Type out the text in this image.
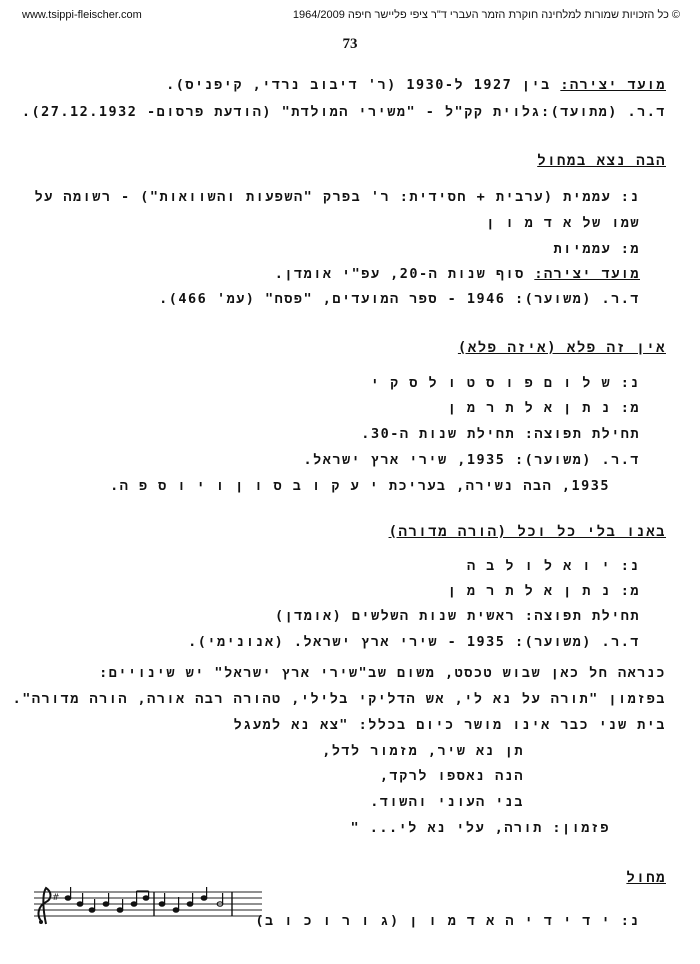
www.tsippi-fleischer.com	© כל הזכויות שמורות למלחינה חוקרת הזמר העברי ד"ר ציפי פליישר חיפה 1964/2009
73
מועד יצירה: בין 1927 ל-1930 (ר' דיבוב נרדי, קיפניס).
ד.ר. (מתועד):גלוית קק"ל - "משירי המולדת" (הודעת פרסום- 27.12.1932).
הבה נצא במחול
נ: עממית (ערבית + חסידית: ר' בפרק "השפעות והשוואות") - רשומה על
שמו של א ד מ ו ן
מ: עממיות
מועד יצירה: סוף שנות ה-20, עפ"י אומדן.
ד.ר. (משוער): 1946 - ספר המועדים, "פסח" (עמ' 466).
אין זה פלא (איזה פלא)
נ: ש ל ו ם פ ו ס ט ו ל ס ק י
מ: נ ת ן א ל ת ר מ ן
תחילת תפוצה: תחילת שנות ה-30.
ד.ר. (משוער): 1935, שירי ארץ ישראל.
1935, הבה נשירה, בעריכת י ע ק ו ב ס ו ן ו י ו ס פ ה.
באנו בלי כל וכל (הורה מדורה)
נ: י ו א ל ו ל ב ה
מ: נ ת ן א ל ת ר מ ן
תחילת תפוצה: ראשית שנות השלשים (אומדן)
ד.ר. (משוער): 1935 - שירי ארץ ישראל. (אנונימי).
כנראה חל כאן שבוש טכסט, משום שב"שירי ארץ ישראל" יש שינויים:
בפזמון "תורה על נא לי, אש הדליקי בלילי, טהורה רבה אורה, הורה מדורה".
בית שני כבר אינו מושר כיום בכלל: "צא נא למעגל
תן נא שיר, מזמור לדל,
הנה נאספו לרקד,
בני העוני והשוד.
פזמון: תורה, עלי נא לי... "
מחול
נ: י ד י ד י ה א ד מ ו ן (ג ו ר ו כ ו ב)
#
